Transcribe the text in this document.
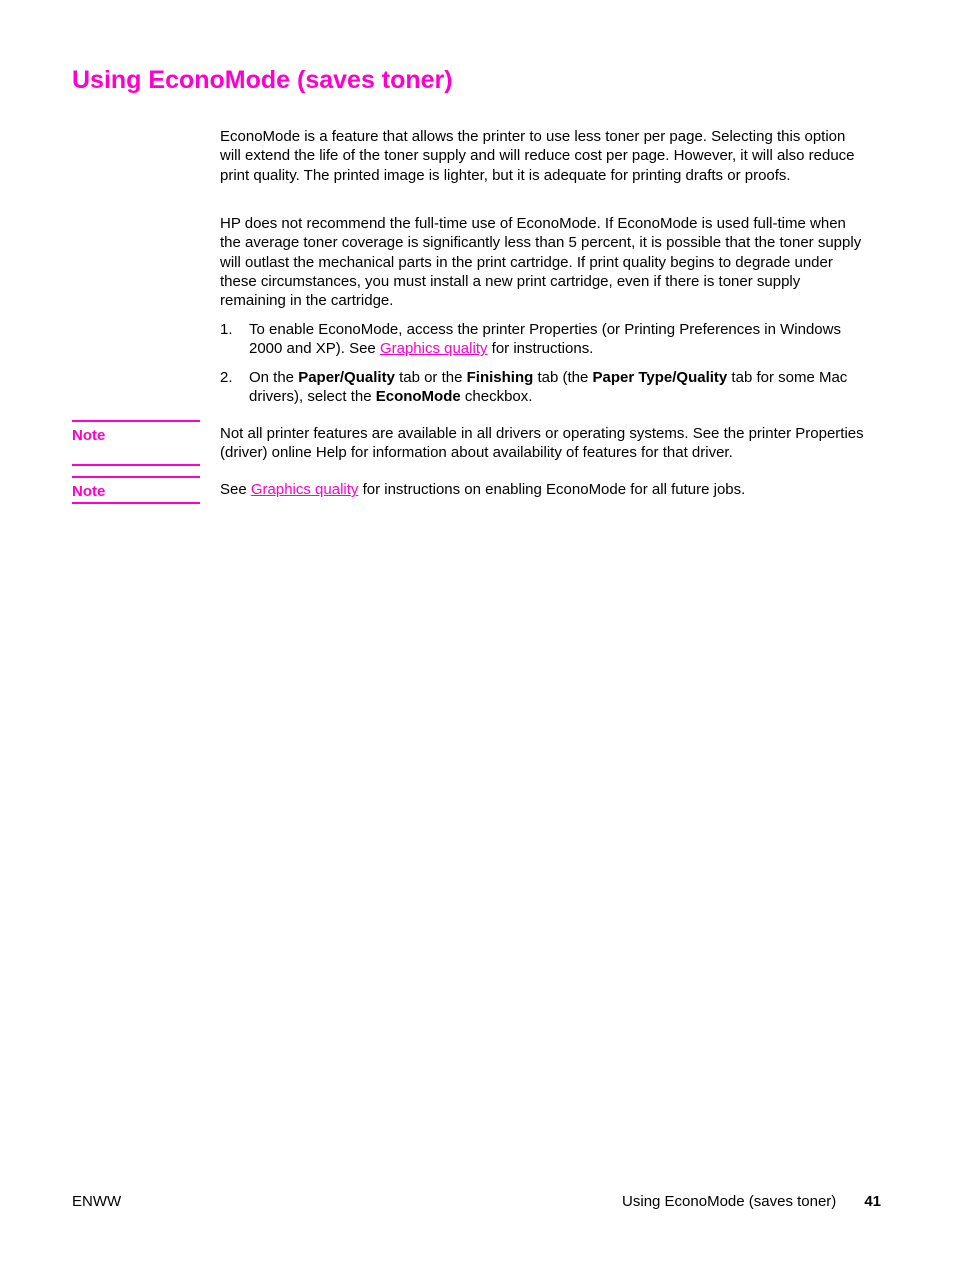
Using EconoMode (saves toner)

EconoMode is a feature that allows the printer to use less toner per page. Selecting this option will extend the life of the toner supply and will reduce cost per page. However, it will also reduce print quality. The printed image is lighter, but it is adequate for printing drafts or proofs.

HP does not recommend the full-time use of EconoMode. If EconoMode is used full-time when the average toner coverage is significantly less than 5 percent, it is possible that the toner supply will outlast the mechanical parts in the print cartridge. If print quality begins to degrade under these circumstances, you must install a new print cartridge, even if there is toner supply remaining in the cartridge.

1. To enable EconoMode, access the printer Properties (or Printing Preferences in Windows 2000 and XP). See Graphics quality for instructions.
2. On the Paper/Quality tab or the Finishing tab (the Paper Type/Quality tab for some Mac drivers), select the EconoMode checkbox.
Note	Not all printer features are available in all drivers or operating systems. See the printer Properties (driver) online Help for information about availability of features for that driver.
Note	See Graphics quality for instructions on enabling EconoMode for all future jobs.
ENWW	Using EconoMode (saves toner) 41
